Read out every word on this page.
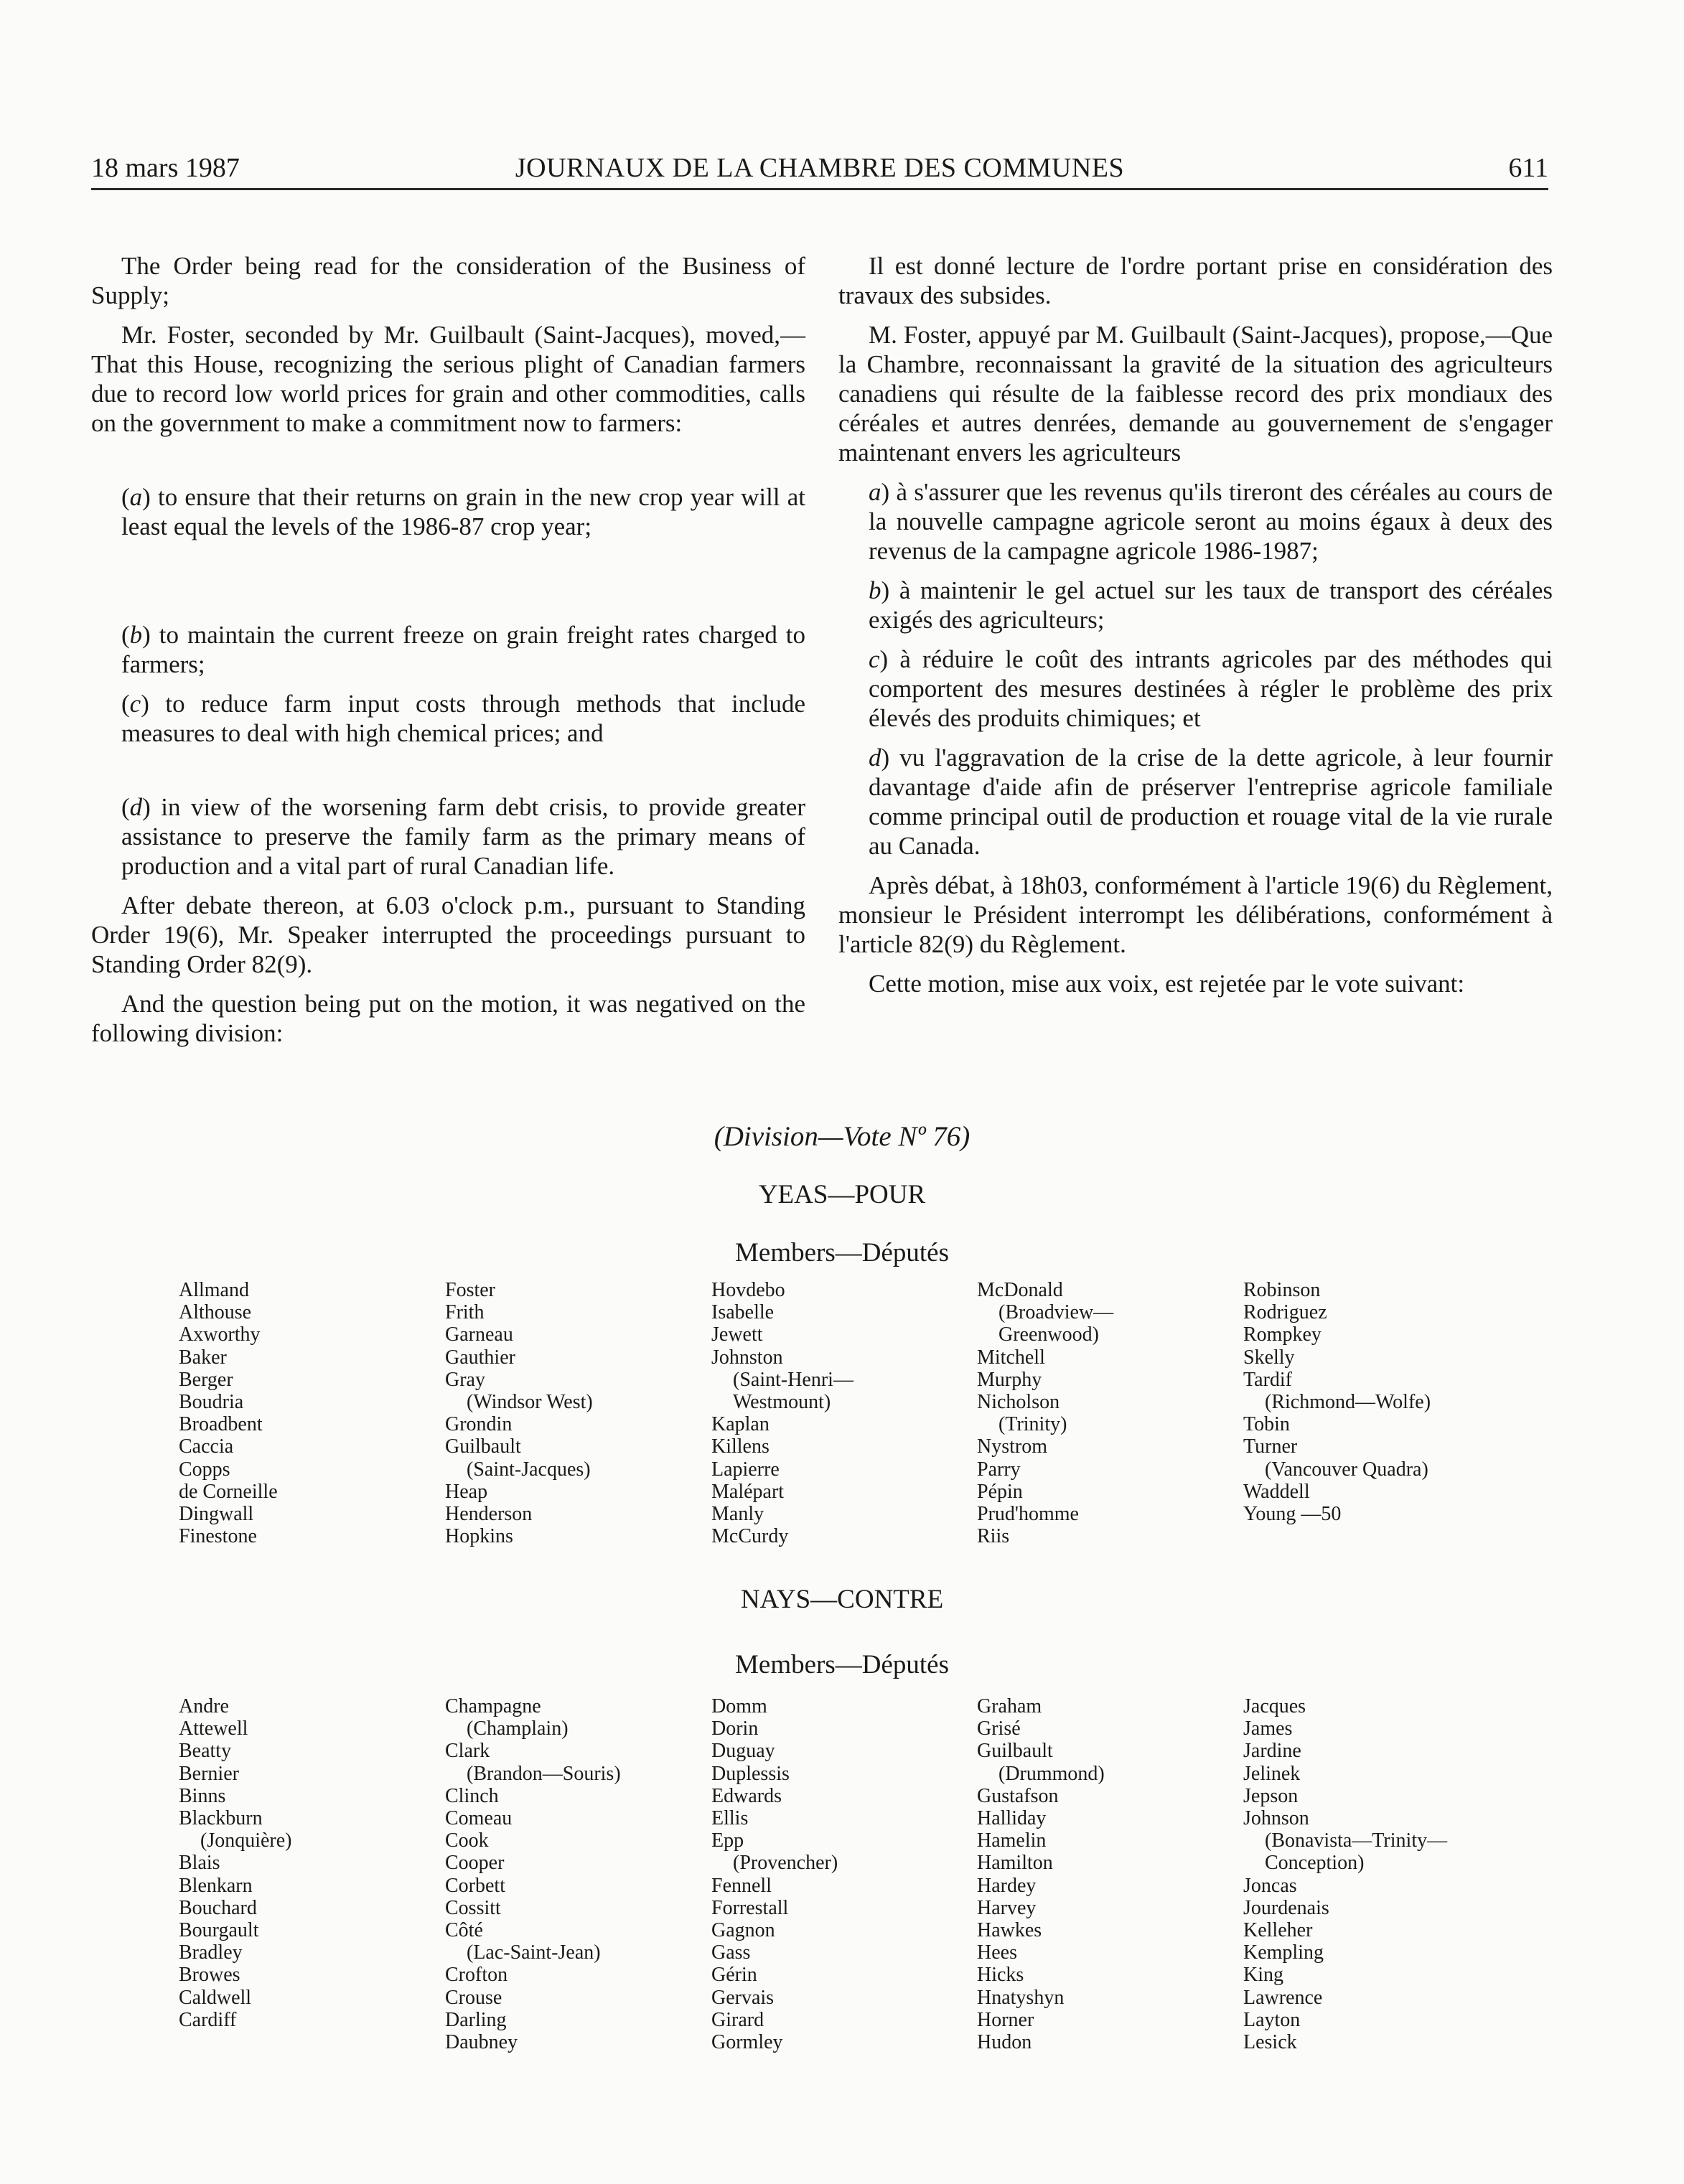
18 mars 1987	JOURNAUX DE LA CHAMBRE DES COMMUNES	611

The Order being read for the consideration of the Business of Supply;

Mr. Foster, seconded by Mr. Guilbault (Saint-Jacques), moved,—That this House, recognizing the serious plight of Canadian farmers due to record low world prices for grain and other commodities, calls on the government to make a commitment now to farmers:

(a) to ensure that their returns on grain in the new crop year will at least equal the levels of the 1986-87 crop year;

(b) to maintain the current freeze on grain freight rates charged to farmers;

(c) to reduce farm input costs through methods that include measures to deal with high chemical prices; and

(d) in view of the worsening farm debt crisis, to provide greater assistance to preserve the family farm as the primary means of production and a vital part of rural Canadian life.

After debate thereon, at 6.03 o'clock p.m., pursuant to Standing Order 19(6), Mr. Speaker interrupted the proceedings pursuant to Standing Order 82(9).

And the question being put on the motion, it was negatived on the following division:

Il est donné lecture de l'ordre portant prise en considération des travaux des subsides.

M. Foster, appuyé par M. Guilbault (Saint-Jacques), propose,—Que la Chambre, reconnaissant la gravité de la situation des agriculteurs canadiens qui résulte de la faiblesse record des prix mondiaux des céréales et autres denrées, demande au gouvernement de s'engager maintenant envers les agriculteurs

a) à s'assurer que les revenus qu'ils tireront des céréales au cours de la nouvelle campagne agricole seront au moins égaux à deux des revenus de la campagne agricole 1986-1987;

b) à maintenir le gel actuel sur les taux de transport des céréales exigés des agriculteurs;

c) à réduire le coût des intrants agricoles par des méthodes qui comportent des mesures destinées à régler le problème des prix élevés des produits chimiques; et

d) vu l'aggravation de la crise de la dette agricole, à leur fournir davantage d'aide afin de préserver l'entreprise agricole familiale comme principal outil de production et rouage vital de la vie rurale au Canada.

Après débat, à 18h03, conformément à l'article 19(6) du Règlement, monsieur le Président interrompt les délibérations, conformément à l'article 82(9) du Règlement.

Cette motion, mise aux voix, est rejetée par le vote suivant:

(Division—Vote Nº 76)
YEAS—POUR
Members—Députés
Allmand
Althouse
Axworthy
Baker
Berger
Boudria
Broadbent
Caccia
Copps
de Corneille
Dingwall
Finestone
Foster
Frith
Garneau
Gauthier
Gray
(Windsor West)
Grondin
Guilbault
(Saint-Jacques)
Heap
Henderson
Hopkins
Hovdebo
Isabelle
Jewett
Johnston
(Saint-Henri—
Westmount)
Kaplan
Killens
Lapierre
Malépart
Manly
McCurdy
McDonald
(Broadview—
Greenwood)
Mitchell
Murphy
Nicholson
(Trinity)
Nystrom
Parry
Pépin
Prud'homme
Riis
Robinson
Rodriguez
Rompkey
Skelly
Tardif
(Richmond—Wolfe)
Tobin
Turner
(Vancouver Quadra)
Waddell
Young —50
NAYS—CONTRE
Members—Députés
Andre
Attewell
Beatty
Bernier
Binns
Blackburn
(Jonquière)
Blais
Blenkarn
Bouchard
Bourgault
Bradley
Browes
Caldwell
Cardiff
Champagne
(Champlain)
Clark
(Brandon—Souris)
Clinch
Comeau
Cook
Cooper
Corbett
Cossitt
Côté
(Lac-Saint-Jean)
Crofton
Crouse
Darling
Daubney
Domm
Dorin
Duguay
Duplessis
Edwards
Ellis
Epp
(Provencher)
Fennell
Forrestall
Gagnon
Gass
Gérin
Gervais
Girard
Gormley
Graham
Grisé
Guilbault
(Drummond)
Gustafson
Halliday
Hamelin
Hamilton
Hardey
Harvey
Hawkes
Hees
Hicks
Hnatyshyn
Horner
Hudon
Jacques
James
Jardine
Jelinek
Jepson
Johnson
(Bonavista—Trinity—
Conception)
Joncas
Jourdenais
Kelleher
Kempling
King
Lawrence
Layton
Lesick
